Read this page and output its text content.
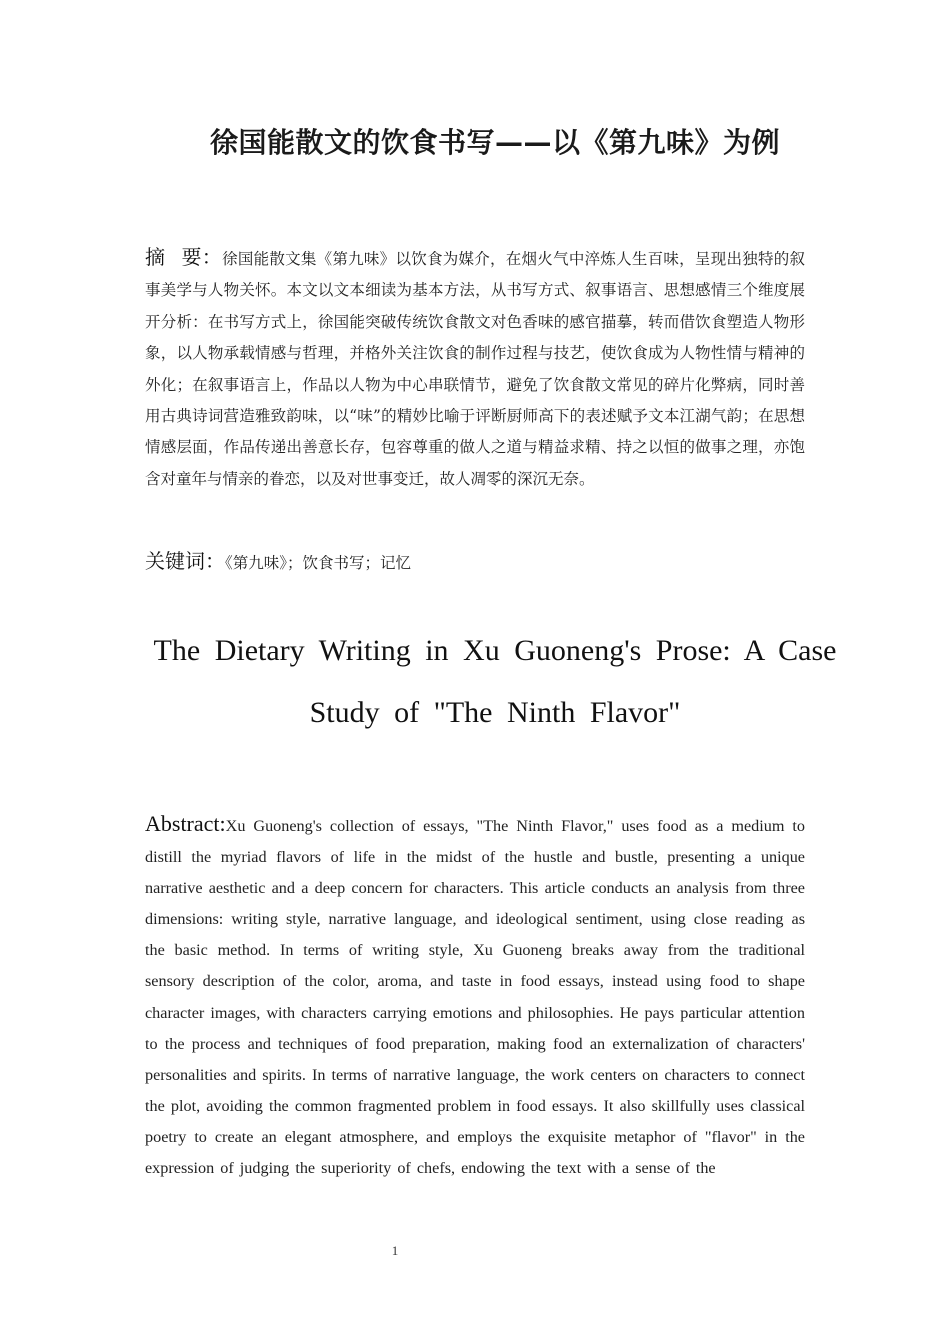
徐国能散文的饮食书写——以《第九味》为例
摘 要：徐国能散文集《第九味》以饮食为媒介，在烟火气中淬炼人生百味，呈现出独特的叙事美学与人物关怀。本文以文本细读为基本方法，从书写方式、叙事语言、思想感情三个维度展开分析：在书写方式上，徐国能突破传统饮食散文对色香味的感官描摹，转而借饮食塑造人物形象，以人物承载情感与哲理，并格外关注饮食的制作过程与技艺，使饮食成为人物性情与精神的外化；在叙事语言上，作品以人物为中心串联情节，避免了饮食散文常见的碎片化弊病，同时善用古典诗词营造雅致韵味，以“味”的精妙比喻于评断厨师高下的表述赋予文本江湖气韵；在思想情感层面，作品传递出善意长存，包容尊重的做人之道与精益求精、持之以恒的做事之理，亦饱含对童年与情亲的眷恋，以及对世事变迁，故人凋零的深沉无奈。
关键词：《第九味》；饮食书写；记忆
The Dietary Writing in Xu Guoneng's Prose: A Case Study of "The Ninth Flavor"
Abstract:Xu Guoneng's collection of essays, "The Ninth Flavor," uses food as a medium to distill the myriad flavors of life in the midst of the hustle and bustle, presenting a unique narrative aesthetic and a deep concern for characters. This article conducts an analysis from three dimensions: writing style, narrative language, and ideological sentiment, using close reading as the basic method. In terms of writing style, Xu Guoneng breaks away from the traditional sensory description of the color, aroma, and taste in food essays, instead using food to shape character images, with characters carrying emotions and philosophies. He pays particular attention to the process and techniques of food preparation, making food an externalization of characters' personalities and spirits. In terms of narrative language, the work centers on characters to connect the plot, avoiding the common fragmented problem in food essays. It also skillfully uses classical poetry to create an elegant atmosphere, and employs the exquisite metaphor of "flavor" in the expression of judging the superiority of chefs, endowing the text with a sense of the
1
